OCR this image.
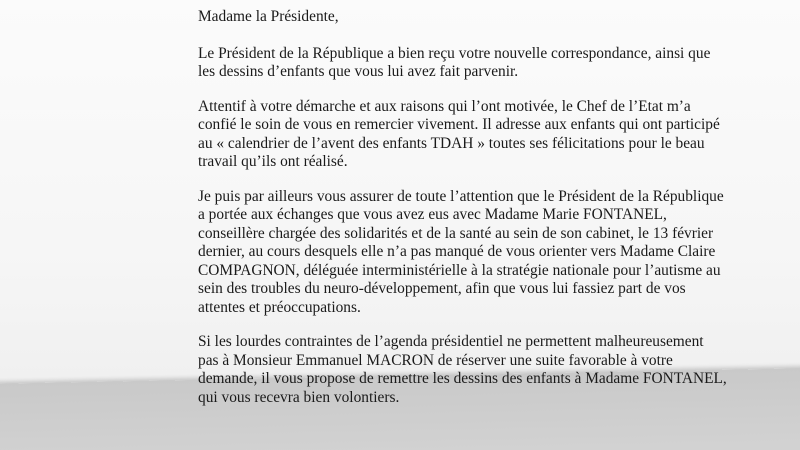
Madame la Présidente,
Le Président de la République a bien reçu votre nouvelle correspondance, ainsi que
les dessins d’enfants que vous lui avez fait parvenir.
Attentif à votre démarche et aux raisons qui l’ont motivée, le Chef de l’Etat m’a
confié le soin de vous en remercier vivement. Il adresse aux enfants qui ont participé
au « calendrier de l’avent des enfants TDAH » toutes ses félicitations pour le beau
travail qu’ils ont réalisé.
Je puis par ailleurs vous assurer de toute l’attention que le Président de la République
a portée aux échanges que vous avez eus avec Madame Marie FONTANEL,
conseillère chargée des solidarités et de la santé au sein de son cabinet, le 13 février
dernier, au cours desquels elle n’a pas manqué de vous orienter vers Madame Claire
COMPAGNON, déléguée interministérielle à la stratégie nationale pour l’autisme au
sein des troubles du neuro-développement, afin que vous lui fassiez part de vos
attentes et préoccupations.
Si les lourdes contraintes de l’agenda présidentiel ne permettent malheureusement
pas à Monsieur Emmanuel MACRON de réserver une suite favorable à votre
demande, il vous propose de remettre les dessins des enfants à Madame FONTANEL,
qui vous recevra bien volontiers.
